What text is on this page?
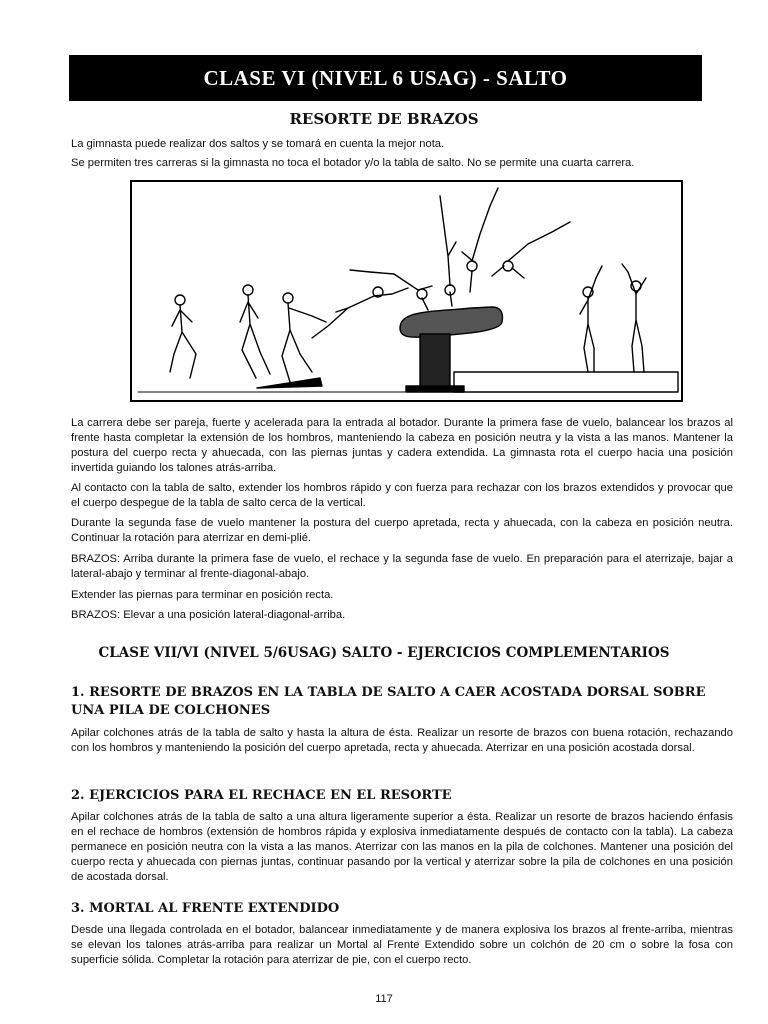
CLASE VI (NIVEL 6 USAG) - SALTO
RESORTE DE BRAZOS

La gimnasta puede realizar dos saltos y se tomará en cuenta la mejor nota.

Se permiten tres carreras si la gimnasta no toca el botador y/o la tabla de salto. No se permite una cuarta carrera.

La carrera debe ser pareja, fuerte y acelerada para la entrada al botador. Durante la primera fase de vuelo, balancear los brazos al frente hasta completar la extensión de los hombros, manteniendo la cabeza en posición neutra y la vista a las manos. Mantener la postura del cuerpo recta y ahuecada, con las piernas juntas y cadera extendida. La gimnasta rota el cuerpo hacia una posición invertida guiando los talones atrás-arriba.

Al contacto con la tabla de salto, extender los hombros rápido y con fuerza para rechazar con los brazos extendidos y provocar que el cuerpo despegue de la tabla de salto cerca de la vertical.

Durante la segunda fase de vuelo mantener la postura del cuerpo apretada, recta y ahuecada, con la cabeza en posición neutra. Continuar la rotación para aterrizar en demi-plié.

BRAZOS: Arriba durante la primera fase de vuelo, el rechace y la segunda fase de vuelo. En preparación para el aterrizaje, bajar a lateral-abajo y terminar al frente-diagonal-abajo.

Extender las piernas para terminar en posición recta.

BRAZOS: Elevar a una posición lateral-diagonal-arriba.

CLASE VII/VI (NIVEL 5/6USAG) SALTO - EJERCICIOS COMPLEMENTARIOS

1. RESORTE DE BRAZOS EN LA TABLA DE SALTO A CAER ACOSTADA DORSAL SOBRE UNA PILA DE COLCHONES

Apilar colchones atrás de la tabla de salto y hasta la altura de ésta. Realizar un resorte de brazos con buena rotación, rechazando con los hombros y manteniendo la posición del cuerpo apretada, recta y ahuecada. Aterrizar en una posición acostada dorsal.

2. EJERCICIOS PARA EL RECHACE EN EL RESORTE

Apilar colchones atrás de la tabla de salto a una altura ligeramente superior a ésta. Realizar un resorte de brazos haciendo énfasis en el rechace de hombros (extensión de hombros rápida y explosiva inmediatamente después de contacto con la tabla). La cabeza permanece en posición neutra con la vista a las manos. Aterrizar con las manos en la pila de colchones. Mantener una posición del cuerpo recta y ahuecada con piernas juntas, continuar pasando por la vertical y aterrizar sobre la pila de colchones en una posición de acostada dorsal.

3. MORTAL AL FRENTE EXTENDIDO

Desde una llegada controlada en el botador, balancear inmediatamente y de manera explosiva los brazos al frente-arriba, mientras se elevan los talones atrás-arriba para realizar un Mortal al Frente Extendido sobre un colchón de 20 cm o sobre la fosa con superficie sólida. Completar la rotación para aterrizar de pie, con el cuerpo recto.

117
